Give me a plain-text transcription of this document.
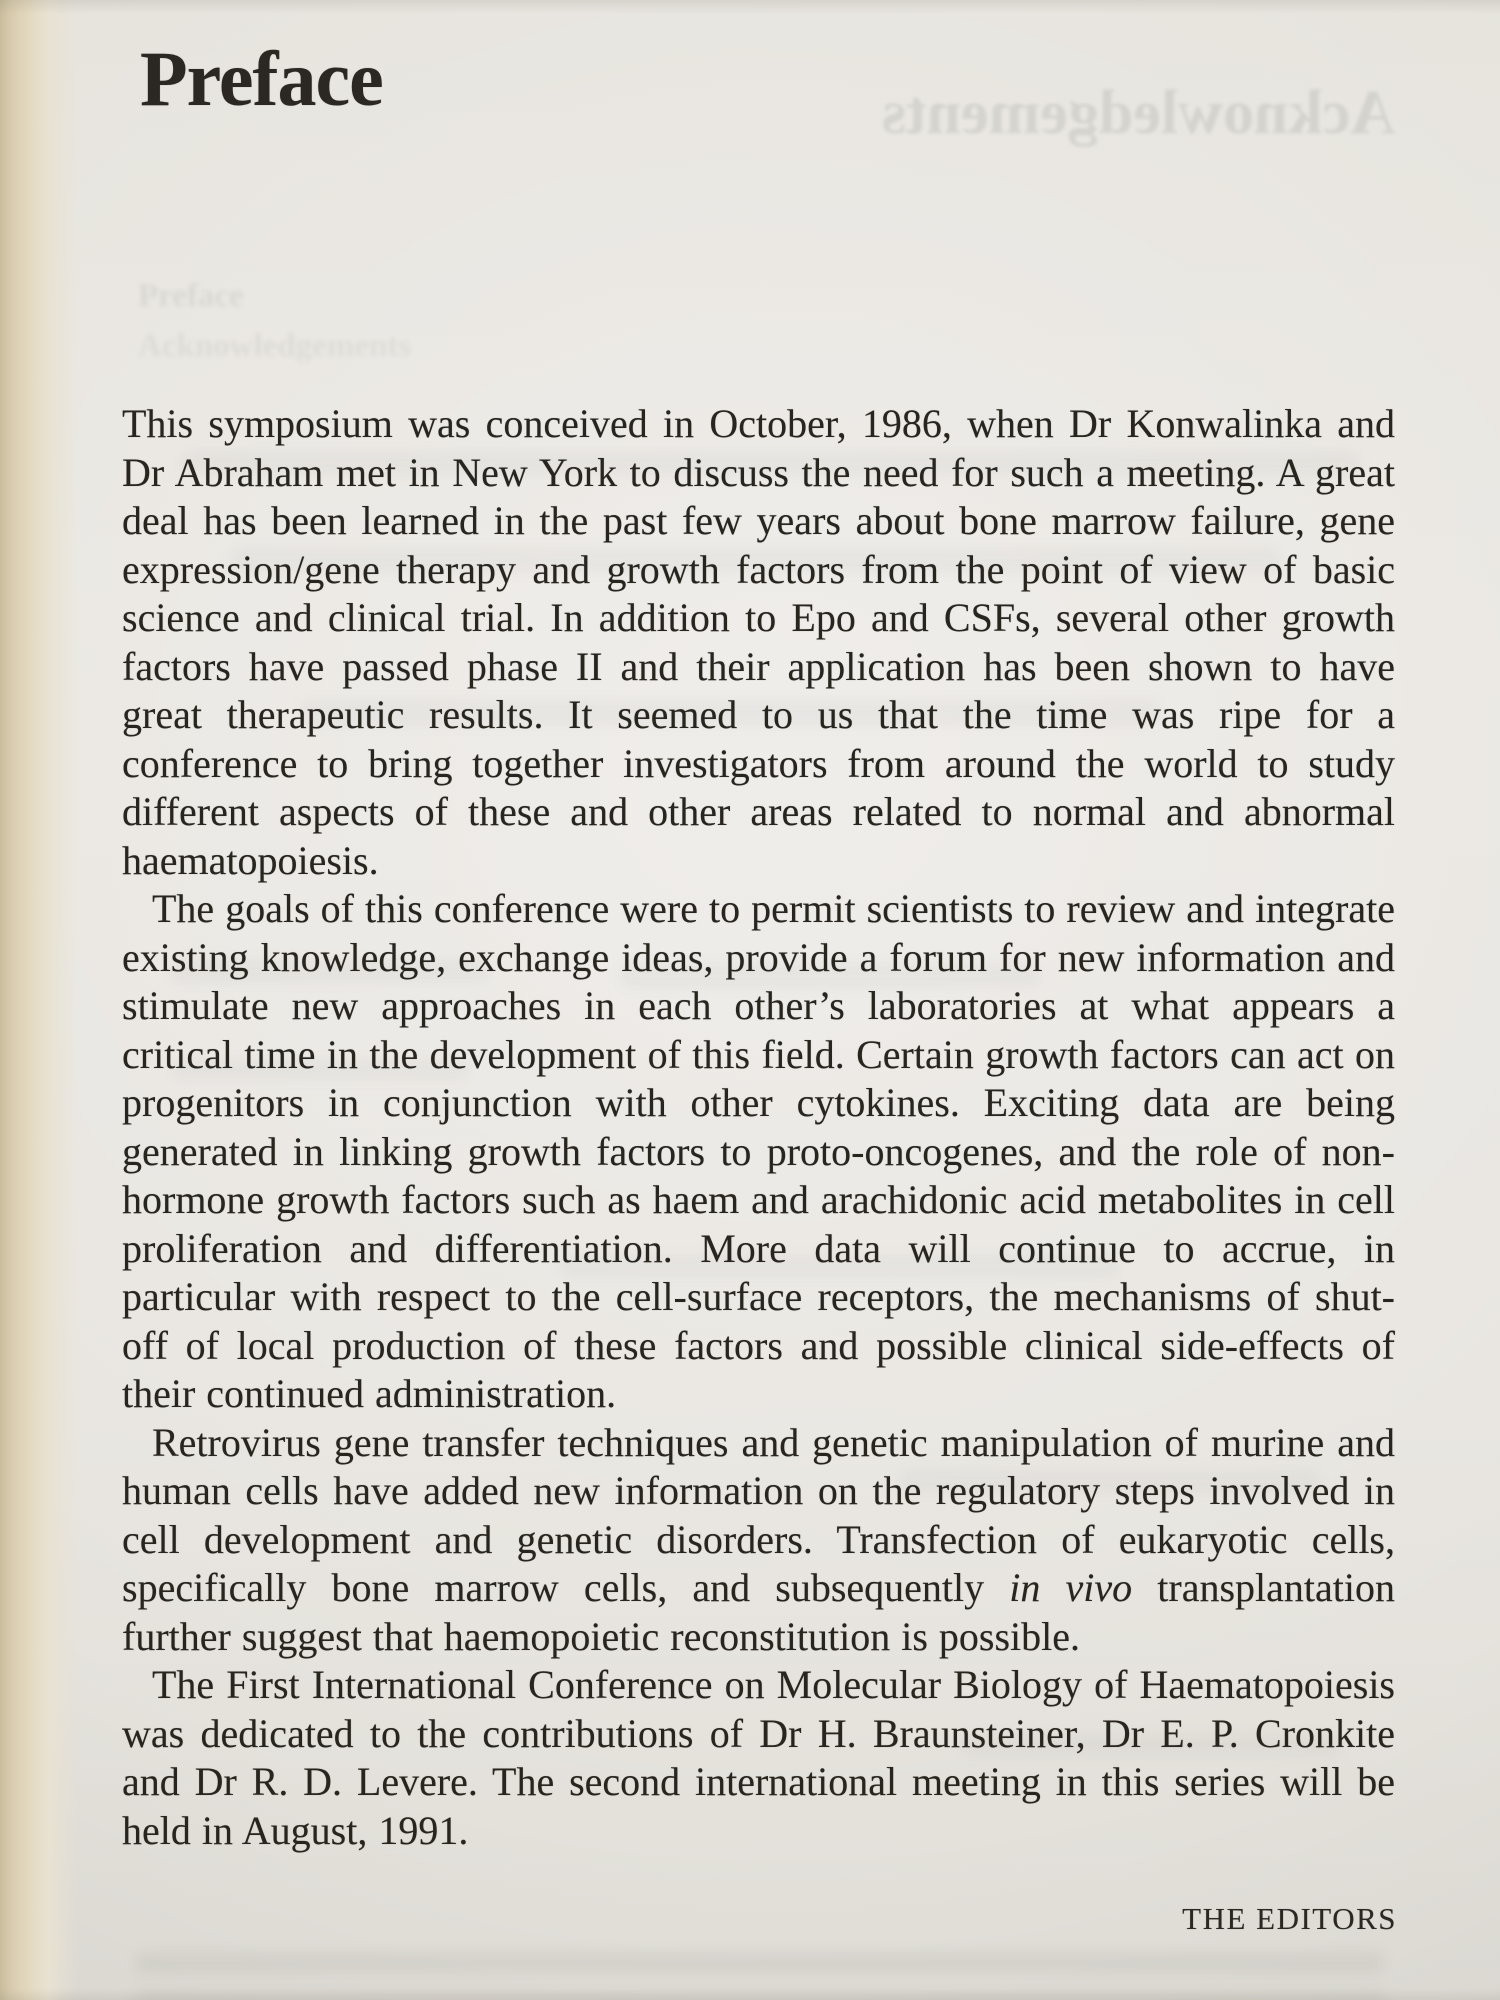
Acknowledgements
Preface
Acknowledgements
Preface

This symposium was conceived in October, 1986, when Dr Konwalinka and Dr Abraham met in New York to discuss the need for such a meeting. A great deal has been learned in the past few years about bone marrow failure, gene expression/gene therapy and growth factors from the point of view of basic science and clinical trial. In addition to Epo and CSFs, several other growth factors have passed phase II and their application has been shown to have great therapeutic results. It seemed to us that the time was ripe for a conference to bring together investigators from around the world to study different aspects of these and other areas related to normal and abnormal haematopoiesis.

The goals of this conference were to permit scientists to review and integrate existing knowledge, exchange ideas, provide a forum for new information and stimulate new approaches in each other’s laboratories at what appears a critical time in the development of this field. Certain growth factors can act on progenitors in conjunction with other cytokines. Exciting data are being generated in linking growth factors to proto-oncogenes, and the role of non-hormone growth factors such as haem and arachidonic acid metabolites in cell proliferation and differentiation. More data will continue to accrue, in particular with respect to the cell-surface receptors, the mechanisms of shut-off of local production of these factors and possible clinical side-effects of their continued administration.

Retrovirus gene transfer techniques and genetic manipulation of murine and human cells have added new information on the regulatory steps involved in cell development and genetic disorders. Transfection of eukaryotic cells, specifically bone marrow cells, and subsequently in vivo transplantation further suggest that haemopoietic reconstitution is possible.

The First International Conference on Molecular Biology of Haematopoiesis was dedicated to the contributions of Dr H. Braunsteiner, Dr E. P. Cronkite and Dr R. D. Levere. The second international meeting in this series will be held in August, 1991.

THE EDITORS
